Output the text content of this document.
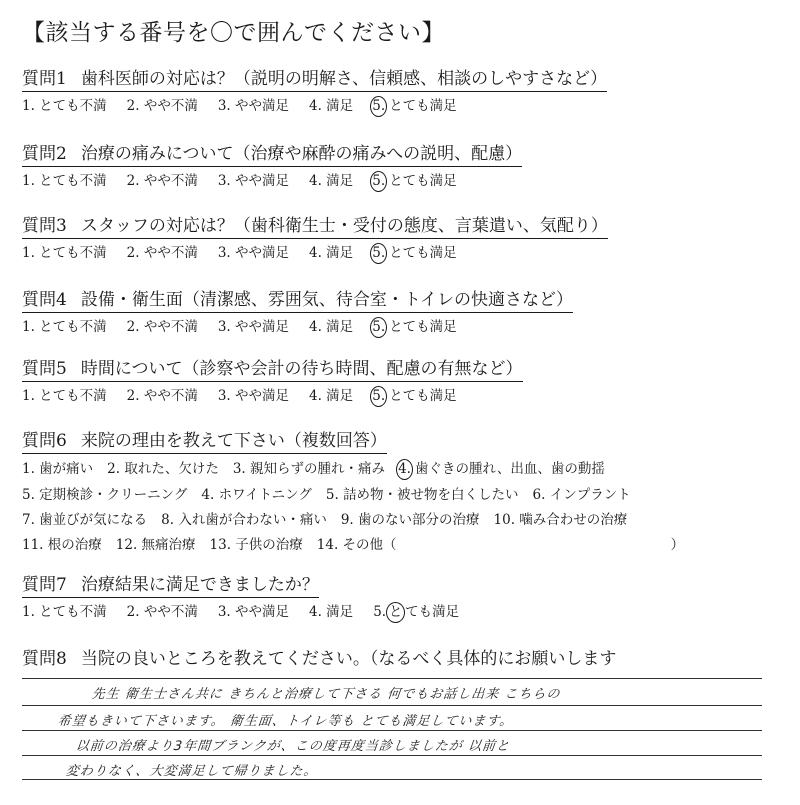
【該当する番号を〇で囲んでください】
質問1 歯科医師の対応は？（説明の明解さ、信頼感、相談のしやすさなど）
1. とても不満 2. やや不満 3. やや満足 4. 満足 5. とても満足
質問2 治療の痛みについて（治療や麻酔の痛みへの説明、配慮）
1. とても不満 2. やや不満 3. やや満足 4. 満足 5. とても満足
質問3 スタッフの対応は？（歯科衛生士・受付の態度、言葉遣い、気配り）
1. とても不満 2. やや不満 3. やや満足 4. 満足 5. とても満足
質問4 設備・衛生面（清潔感、雰囲気、待合室・トイレの快適さなど）
1. とても不満 2. やや不満 3. やや満足 4. 満足 5. とても満足
質問5 時間について（診察や会計の待ち時間、配慮の有無など）
1. とても不満 2. やや不満 3. やや満足 4. 満足 5. とても満足
質問6 来院の理由を教えて下さい（複数回答）
1. 歯が痛い 2. 取れた、欠けた 3. 親知らずの腫れ・痛み 4. 歯ぐきの腫れ、出血、歯の動揺
5. 定期検診・クリーニング 4. ホワイトニング 5. 詰め物・被せ物を白くしたい 6. インプラント
7. 歯並びが気になる 8. 入れ歯が合わない・痛い 9. 歯のない部分の治療 10. 噛み合わせの治療
11. 根の治療 12. 無痛治療 13. 子供の治療 14. その他（	）
質問7 治療結果に満足できましたか？
1. とても不満 2. やや不満 3. やや満足 4. 満足 5. と ても満足
質問8 当院の良いところを教えてください。（なるべく具体的にお願いします
先生 衛生士さん共に きちんと治療して下さる 何でもお話し出来 こちらの
希望もきいて下さいます。 衛生面、トイレ等も とても満足しています。
以前の治療より3年間ブランクが、この度再度当診しましたが 以前と
変わりなく、大変満足して帰りました。
